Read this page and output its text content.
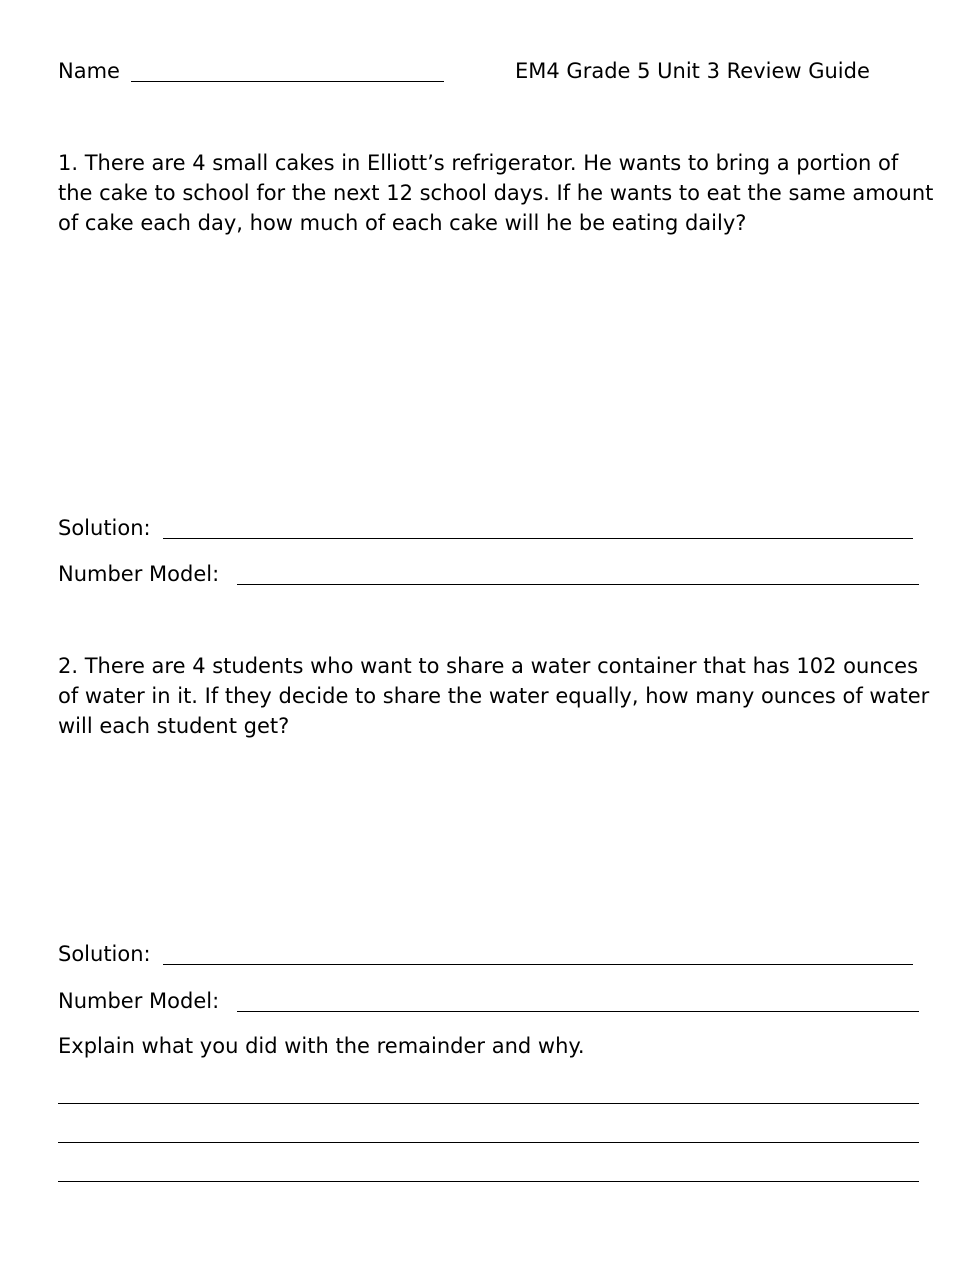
Name	EM4 Grade 5 Unit 3 Review Guide
1. There are 4 small cakes in Elliott’s refrigerator. He wants to bring a portion of the cake to school for the next 12 school days. If he wants to eat the same amount of cake each day, how much of each cake will he be eating daily?
Solution:
Number Model:
2. There are 4 students who want to share a water container that has 102 ounces of water in it. If they decide to share the water equally, how many ounces of water will each student get?
Solution:
Number Model:
Explain what you did with the remainder and why.
